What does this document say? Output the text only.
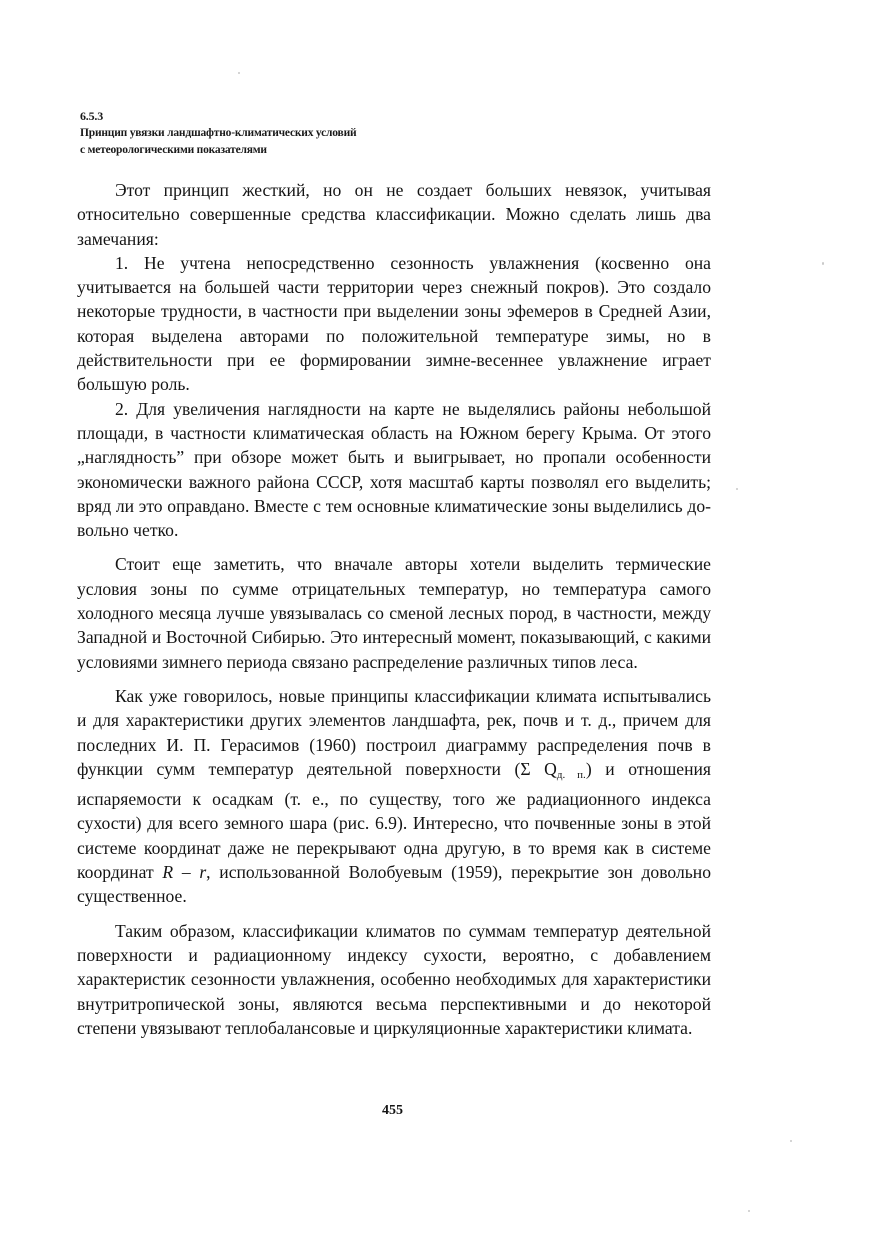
6.5.3
Принцип увязки ландшафтно-климатических условий
с метеорологическими показателями

Этот принцип жесткий, но он не создает больших невязок, учитывая относительно совершенные средства классификации. Можно сделать лишь два замечания:

1. Не учтена непосредственно сезонность увлажнения (косвенно она учитывается на большей части территории через снежный покров). Это создало некоторые трудности, в частности при выделении зоны эфемеров в Средней Азии, которая выделена авторами по положительной температуре зимы, но в действительности при ее формировании зимне-весеннее увлажнение играет большую роль.

2. Для увеличения наглядности на карте не выделялись районы небольшой площади, в частности климатическая область на Южном берегу Крыма. От этого „наглядность” при обзоре может быть и выигрывает, но пропали особенности экономически важного района СССР, хотя масштаб карты позволял его выделить; вряд ли это оправдано. Вместе с тем основные климатические зоны выделились довольно четко.

Стоит еще заметить, что вначале авторы хотели выделить термические условия зоны по сумме отрицательных температур, но температура самого холодного месяца лучше увязывалась со сменой лесных пород, в частности, между Западной и Восточной Сибирью. Это интересный момент, показывающий, с какими условиями зимнего периода связано распределение различных типов леса.

Как уже говорилось, новые принципы классификации климата испытывались и для характеристики других элементов ландшафта, рек, почв и т. д., причем для последних И. П. Герасимов (1960) построил диаграмму распределения почв в функции сумм температур деятельной поверхности (Σ $Q_{д. п.}$) и отношения испаряемости к осадкам (т. е., по существу, того же радиационного индекса сухости) для всего земного шара (рис. 6.9). Интересно, что почвенные зоны в этой системе координат даже не перекрывают одна другую, в то время как в системе координат R – r, использованной Волобуевым (1959), перекрытие зон довольно существенное.

Таким образом, классификации климатов по суммам температур деятельной поверхности и радиационному индексу сухости, вероятно, с добавлением характеристик сезонности увлажнения, особенно необходимых для характеристики внутритропической зоны, являются весьма перспективными и до некоторой степени увязывают теплобалансовые и циркуляционные характеристики климата.

455
